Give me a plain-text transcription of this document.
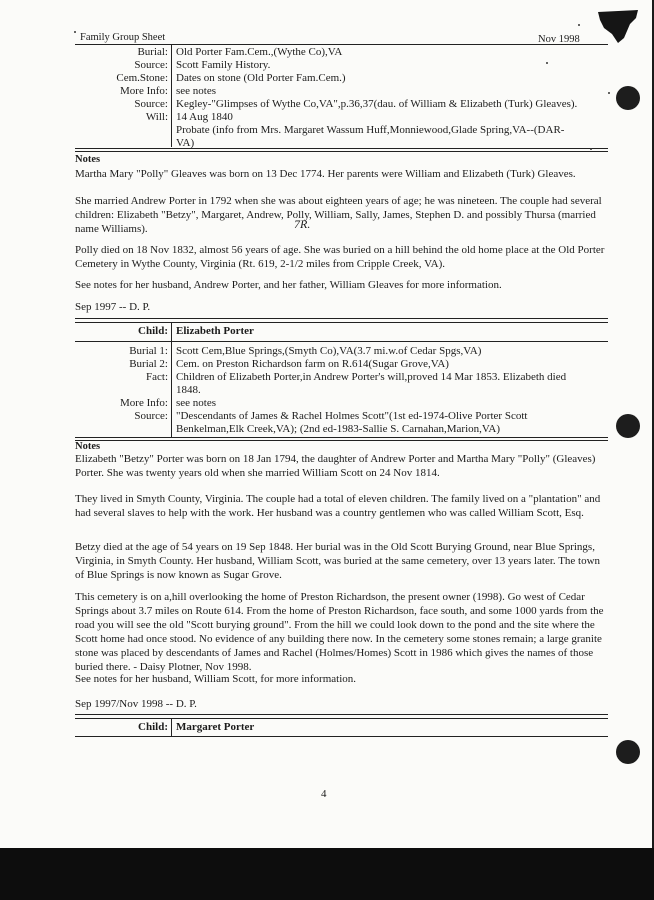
Family Group Sheet	Nov 1998
Burial: Old Porter Fam.Cem.,(Wythe Co),VA
Source: Scott Family History.
Cem.Stone: Dates on stone (Old Porter Fam.Cem.)
More Info: see notes
Source: Kegley-"Glimpses of Wythe Co,VA",p.36,37(dau. of William & Elizabeth (Turk) Gleaves).
Will: 14 Aug 1840
Probate (info from Mrs. Margaret Wassum Huff,Monniewood,Glade Spring,VA--(DAR-
VA)
Notes

Martha Mary "Polly" Gleaves was born on 13 Dec 1774. Her parents were William and Elizabeth (Turk) Gleaves.

She married Andrew Porter in 1792 when she was about eighteen years of age; he was nineteen. The couple had several children: Elizabeth "Betzy", Margaret, Andrew, Polly, William, Sally, James, Stephen D. and possibly Thursa (married name Williams).	7R.

Polly died on 18 Nov 1832, almost 56 years of age. She was buried on a hill behind the old home place at the Old Porter Cemetery in Wythe County, Virginia (Rt. 619, 2-1/2 miles from Cripple Creek, VA).

See notes for her husband, Andrew Porter, and her father, William Gleaves for more information.

Sep 1997 -- D. P.
Child: Elizabeth Porter
Burial 1: Scott Cem,Blue Springs,(Smyth Co),VA(3.7 mi.w.of Cedar Spgs,VA)
Burial 2: Cem. on Preston Richardson farm on R.614(Sugar Grove,VA)
Fact: Children of Elizabeth Porter,in Andrew Porter's will,proved 14 Mar 1853. Elizabeth died
1848.
More Info: see notes
Source: "Descendants of James & Rachel Holmes Scott"(1st ed-1974-Olive Porter Scott
Benkelman,Elk Creek,VA); (2nd ed-1983-Sallie S. Carnahan,Marion,VA)
Notes

Elizabeth "Betzy" Porter was born on 18 Jan 1794, the daughter of Andrew Porter and Martha Mary "Polly" (Gleaves) Porter. She was twenty years old when she married William Scott on 24 Nov 1814.

They lived in Smyth County, Virginia. The couple had a total of eleven children. The family lived on a "plantation" and had several slaves to help with the work. Her husband was a country gentlemen who was called William Scott, Esq.

Betzy died at the age of 54 years on 19 Sep 1848. Her burial was in the Old Scott Burying Ground, near Blue Springs, Virginia, in Smyth County. Her husband, William Scott, was buried at the same cemetery, over 13 years later. The town of Blue Springs is now known as Sugar Grove.

This cemetery is on a,hill overlooking the home of Preston Richardson, the present owner (1998). Go west of Cedar Springs about 3.7 miles on Route 614. From the home of Preston Richardson, face south, and some 1000 yards from the road you will see the old "Scott burying ground". From the hill we could look down to the pond and the site where the Scott home had once stood. No evidence of any building there now. In the cemetery some stones remain; a large granite stone was placed by descendants of James and Rachel (Holmes/Homes) Scott in 1986 which gives the names of those buried there. - Daisy Plotner, Nov 1998.

See notes for her husband, William Scott, for more information.

Sep 1997/Nov 1998 -- D. P.
Child: Margaret Porter
4
